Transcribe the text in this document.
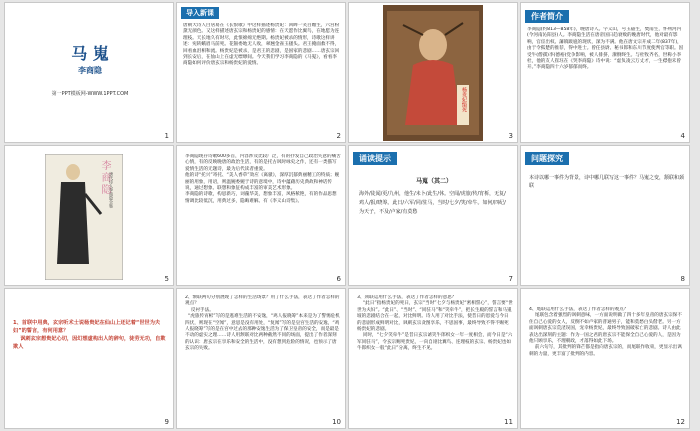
马 嵬
李商隐
第一PPT模板网-WWW.1PPT.COM
1
导入新课
唐朝大诗人白居易在《长恨歌》中这样描述杨贵妃：回眸一笑百媚生，六宫粉黛无颜色。又这样描述唐玄宗和杨贵妃的感情：在天愿作比翼鸟，在地愿为连理枝。天长地久有时尽，此恨绵绵无绝期。杨贵妃被杀的情形，诗歌这样讲述：宛转蛾眉马前死。花钿委地无人收，翠翘金雀玉搔头。君王掩面救不得，回看血泪相和流。杨贵妃是被杀，是君王的悲剧，是国家的悲剧……唐玄宗回到长安后，在仙山上在虚无缥缈间。今天我们学习李商隐的《马嵬》，看看李商隐如何评价唐玄宗和杨贵妃的爱情。
2
杨贵妃缢死
3
作者简介
李商隐(约813—858年)，晚唐诗人。字义山，号玉谿生，樊南生，怀州河内(今河南沁阳县)人。李商隐生活在唐帝国日趋衰败的晚唐时代，他对最有影响，官宦出权、藩镇跋扈的现状，深为不满。他在唐文宗开成二年(837年)，由于令狐楚的推荐，得中进士。曾任县尉、秘书郎和东川节度使判官等职。因受牛(僧孺)李(德裕)党争影响，被人排挤，潦倒终生。与杜牧齐名，世称小李杜，他的友人崔珏在《哭李商隐》诗中说：“虚负凌云万丈才，一生襟抱未曾开。”李商隐四十六岁郁郁而终。
4
李商隐 唐代诗人李商隐全集
5
李商隐现存诗歌600多首，内容涉及比较广泛，有的抒发自己政治失意的痛苦心情，有的反映晚唐的政治生活，有的是托古讽时咏史之作，还有一类描写爱情生活的无题诗，最为后代读者重爱。
他的诗“托兴”寄托、“美人香草”效应《离骚》，深厚沉郁典丽精工的特质；婉丽的用象，用语，则温婉委婉于诗的意境中，诗中蕴藉历史典故和神话传说，通过想象、联想和象征构成丰富的审美艺术形象。
李商隐的诗歌，构思新巧，词藻华美，想象丰富，风格秾艳，有的作品思想情调比较低沉，用典过多，隐晦难解。有《李义山诗集》。
6
诵读提示
马嵬（其二）
海外/徒闻/更/九州，他生/未卜/此生/休。空闻/虎旅/传/宵柝，无复/鸡人/报/晓筹。此日/六军/同/驻马，当时/七夕/笑/牵牛。如何/四纪/为天子，不及/卢家/有莫愁
7
问题探究
本诗以哪一事件为背景，诗中哪几联写这一事件？马嵬之变，颔联和颈联
8
1、首联中用典，玄宗听术士说杨贵妃在仙山上还记着“世世为夫妇”的誓言，有何用意？
讽刺玄宗想贵妃心切，因幻想虚构出人的辞句，徒劳无功，自欺欺人
9
2、颔联两句分别展现了怎样的生活场景？用了什么手法，表达了作者怎样的观点？
反衬手法。
“虎旅传宵柝”写的是逃难生活的不安逸，“鸡人报晓筹”本来是为了警惕危机四伏，则现在“空闻”，意思是没有用处，“复闻”写的是皇宫生活的安逸，“鸡人报晓筹”写的是在宫中过去的那种安逸生活为了保卫皇帝的安全，而是最是不动的虚实之理……诗人用颔联对比两种截然不同的场面，提出了作者深刻的认识：唐玄宗在享乐和安全的生活中，没有想到危险的情况，也预示了唐玄宗的失败。
10
3、颈联运用什么手法，表达了作者怎样的意思？
“此日”指杨贵妃的死日，玄宗“当时”七夕与杨贵妃“密相誓心”，誓言要“世世为夫妇”。“此日”、“当时”、“同驻马”和“笑牵牛”，把长生殿的誓言和马嵬坡的悲剧结合在一起，对比鲜明。诗人用了对比手法，使昔日的恩爱与今日的悲剧形成鲜明对比，讽刺玄宗贪图享乐，不思国事，最终导致不得不赐死杨贵妃的悲剧。
同时，“七夕笑牵牛”是昔日玄宗谑笑牛郎织女一年一度相会，而今日是“六军同驻马”，令玄宗赐死贵妃，一向自诩比翼鸟、连理枝的玄宗、杨贵妃也如牛郎织女一般“此日”分离，终生不见。
11
4、尾联运用什么手法，表达了作者怎样的观点？
尾联包含着强烈的讽刺意味，一方面说明做了四十多年皇帝的唐玄宗保不住自己心爱的女人，反倒不如卢家的普通男子，能和莫愁白头偕老。另一方面讽刺唐玄宗荒淫误国，宠幸杨贵妃，最终导致国破家亡的悲剧。诗人由此表达出深刻的主题：作为一国之君的唐玄宗不能保全自己心爱的人，是因为他只顾享乐，不理朝政，才落得如此下场。
前六句写，其批判的锋芒都是指向唐玄宗的，而尾联作收束，更显示出讽刺的力量，更丰富了批判的内容。
12
